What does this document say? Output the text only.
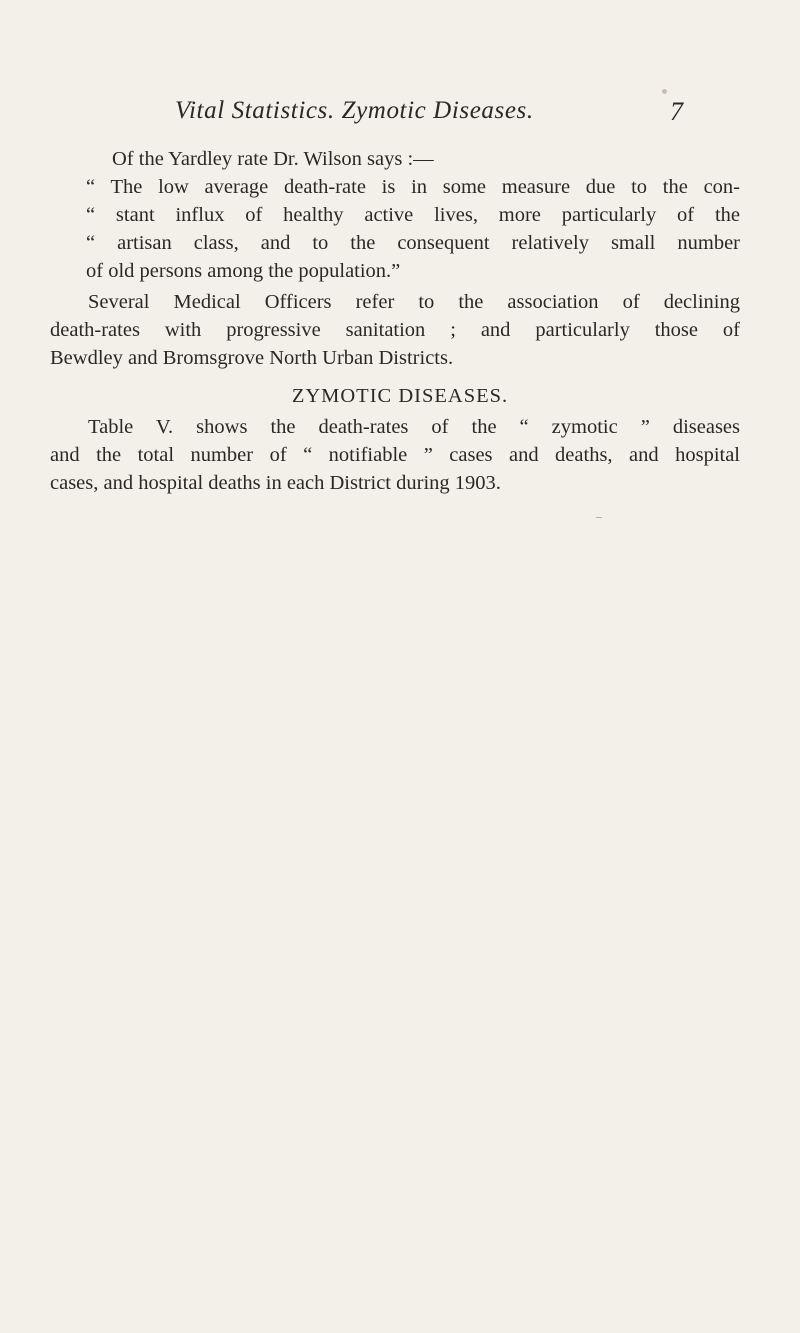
Vital Statistics. Zymotic Diseases.	7
Of the Yardley rate Dr. Wilson says :—
“ The low average death-rate is in some measure due to the con-
“ stant influx of healthy active lives, more particularly of the
“ artisan class, and to the consequent relatively small number
of old persons among the population.”
Several Medical Officers refer to the association of declining
death-rates with progressive sanitation ; and particularly those of
Bewdley and Bromsgrove North Urban Districts.
ZYMOTIC DISEASES.
Table V. shows the death-rates of the “ zymotic ” diseases
and the total number of “ notifiable ” cases and deaths, and hospital
cases, and hospital deaths in each District during 1903.
